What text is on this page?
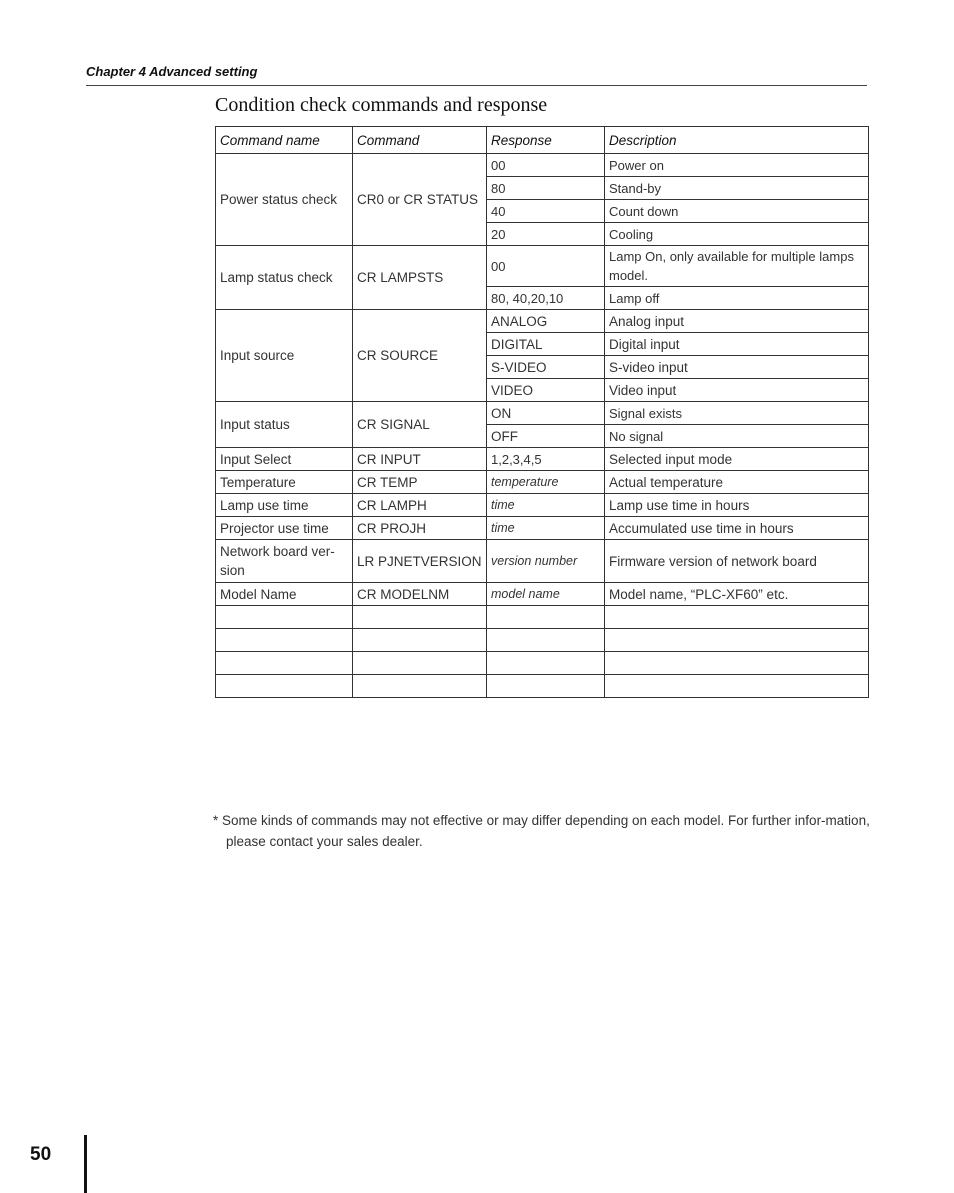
Chapter 4 Advanced setting
Condition check commands and response
Command name	Command	Response	Description
Power status check	CR0 or CR STATUS	00	Power on
		80	Stand-by
		40	Count down
		20	Cooling
Lamp status check	CR LAMPSTS	00	Lamp On, only available for multiple lamps model.
		80, 40,20,10	Lamp off
Input source	CR SOURCE	ANALOG	Analog input
		DIGITAL	Digital input
		S-VIDEO	S-video input
		VIDEO	Video input
Input status	CR SIGNAL	ON	Signal exists
		OFF	No signal
Input Select	CR INPUT	1,2,3,4,5	Selected input mode
Temperature	CR TEMP	temperature	Actual temperature
Lamp use time	CR LAMPH	time	Lamp use time in hours
Projector use time	CR PROJH	time	Accumulated use time in hours
Network board ver-sion	LR PJNETVERSION	version number	Firmware version of network board
Model Name	CR MODELNM	model name	Model name, “PLC-XF60” etc.

* Some kinds of commands may not effective or may differ depending on each model. For further infor-mation, please contact your sales dealer.
50
